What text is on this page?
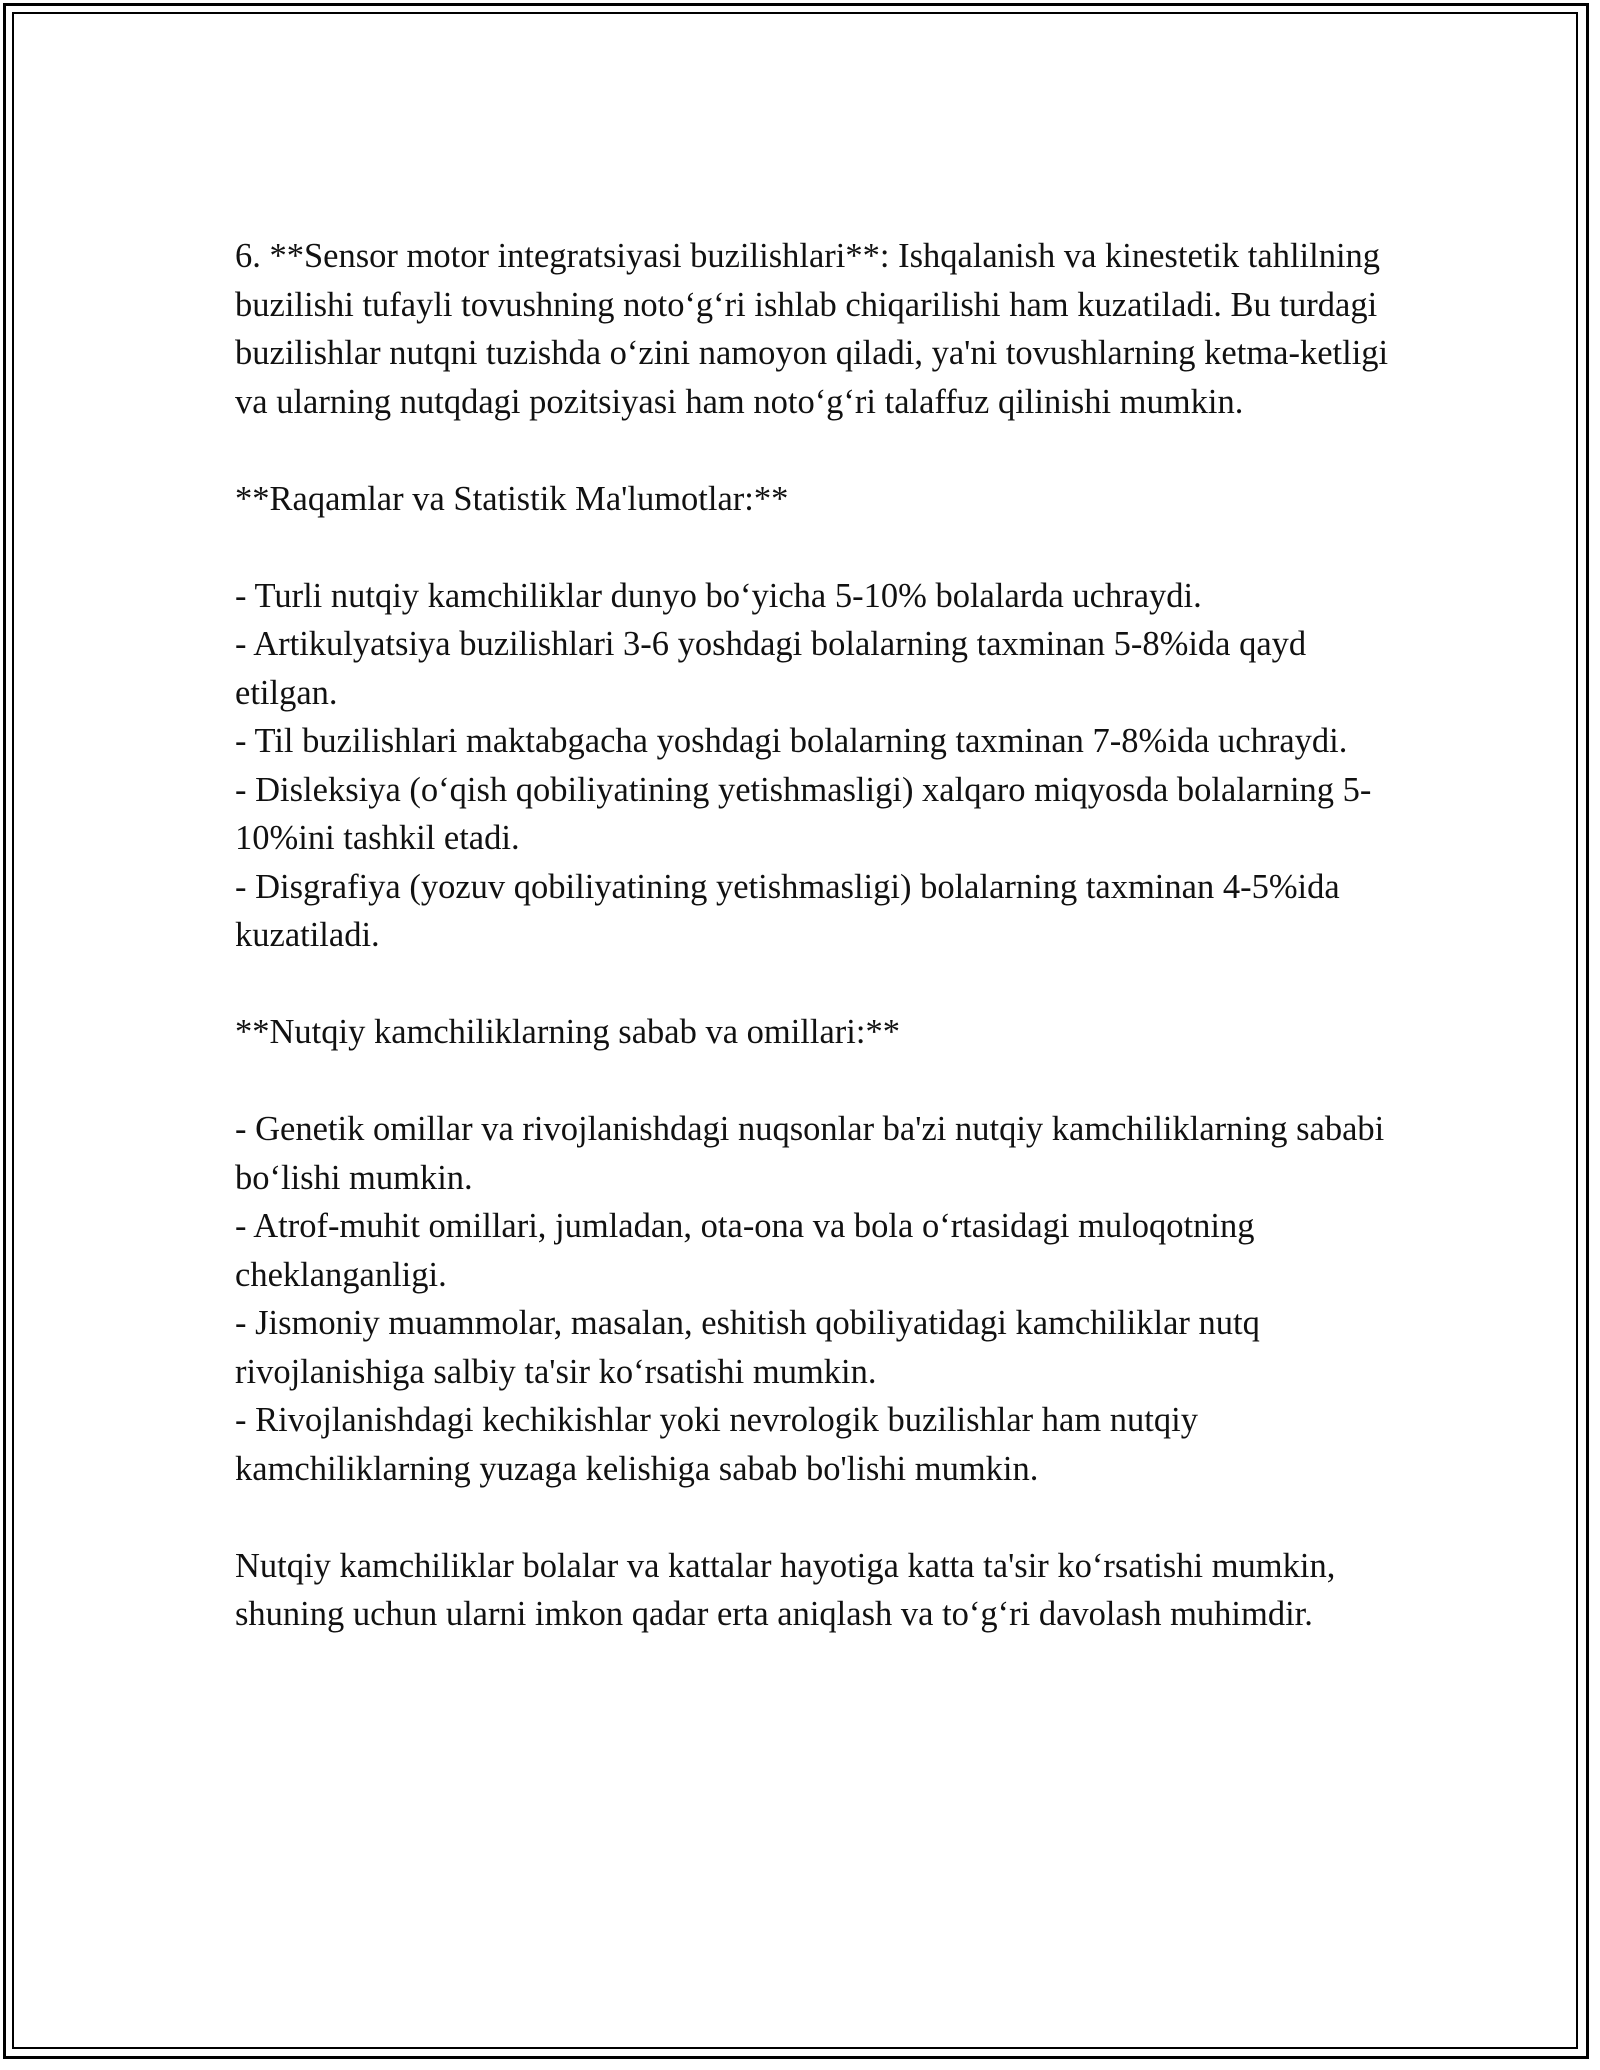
6. **Sensor motor integratsiyasi buzilishlari**: Ishqalanish va kinestetik tahlilning buzilishi tufayli tovushning noto‘g‘ri ishlab chiqarilishi ham kuzatiladi. Bu turdagi buzilishlar nutqni tuzishda o‘zini namoyon qiladi, ya'ni tovushlarning ketma-ketligi va ularning nutqdagi pozitsiyasi ham noto‘g‘ri talaffuz qilinishi mumkin.

**Raqamlar va Statistik Ma'lumotlar:**

- Turli nutqiy kamchiliklar dunyo bo‘yicha 5-10% bolalarda uchraydi.

- Artikulyatsiya buzilishlari 3-6 yoshdagi bolalarning taxminan 5-8%ida qayd etilgan.

- Til buzilishlari maktabgacha yoshdagi bolalarning taxminan 7-8%ida uchraydi.

- Disleksiya (o‘qish qobiliyatining yetishmasligi) xalqaro miqyosda bolalarning 5-10%ini tashkil etadi.

- Disgrafiya (yozuv qobiliyatining yetishmasligi) bolalarning taxminan 4-5%ida kuzatiladi.

**Nutqiy kamchiliklarning sabab va omillari:**

- Genetik omillar va rivojlanishdagi nuqsonlar ba'zi nutqiy kamchiliklarning sababi bo‘lishi mumkin.

- Atrof-muhit omillari, jumladan, ota-ona va bola o‘rtasidagi muloqotning cheklanganligi.

- Jismoniy muammolar, masalan, eshitish qobiliyatidagi kamchiliklar nutq rivojlanishiga salbiy ta'sir ko‘rsatishi mumkin.

- Rivojlanishdagi kechikishlar yoki nevrologik buzilishlar ham nutqiy kamchiliklarning yuzaga kelishiga sabab bo'lishi mumkin.

Nutqiy kamchiliklar bolalar va kattalar hayotiga katta ta'sir ko‘rsatishi mumkin, shuning uchun ularni imkon qadar erta aniqlash va to‘g‘ri davolash muhimdir.
